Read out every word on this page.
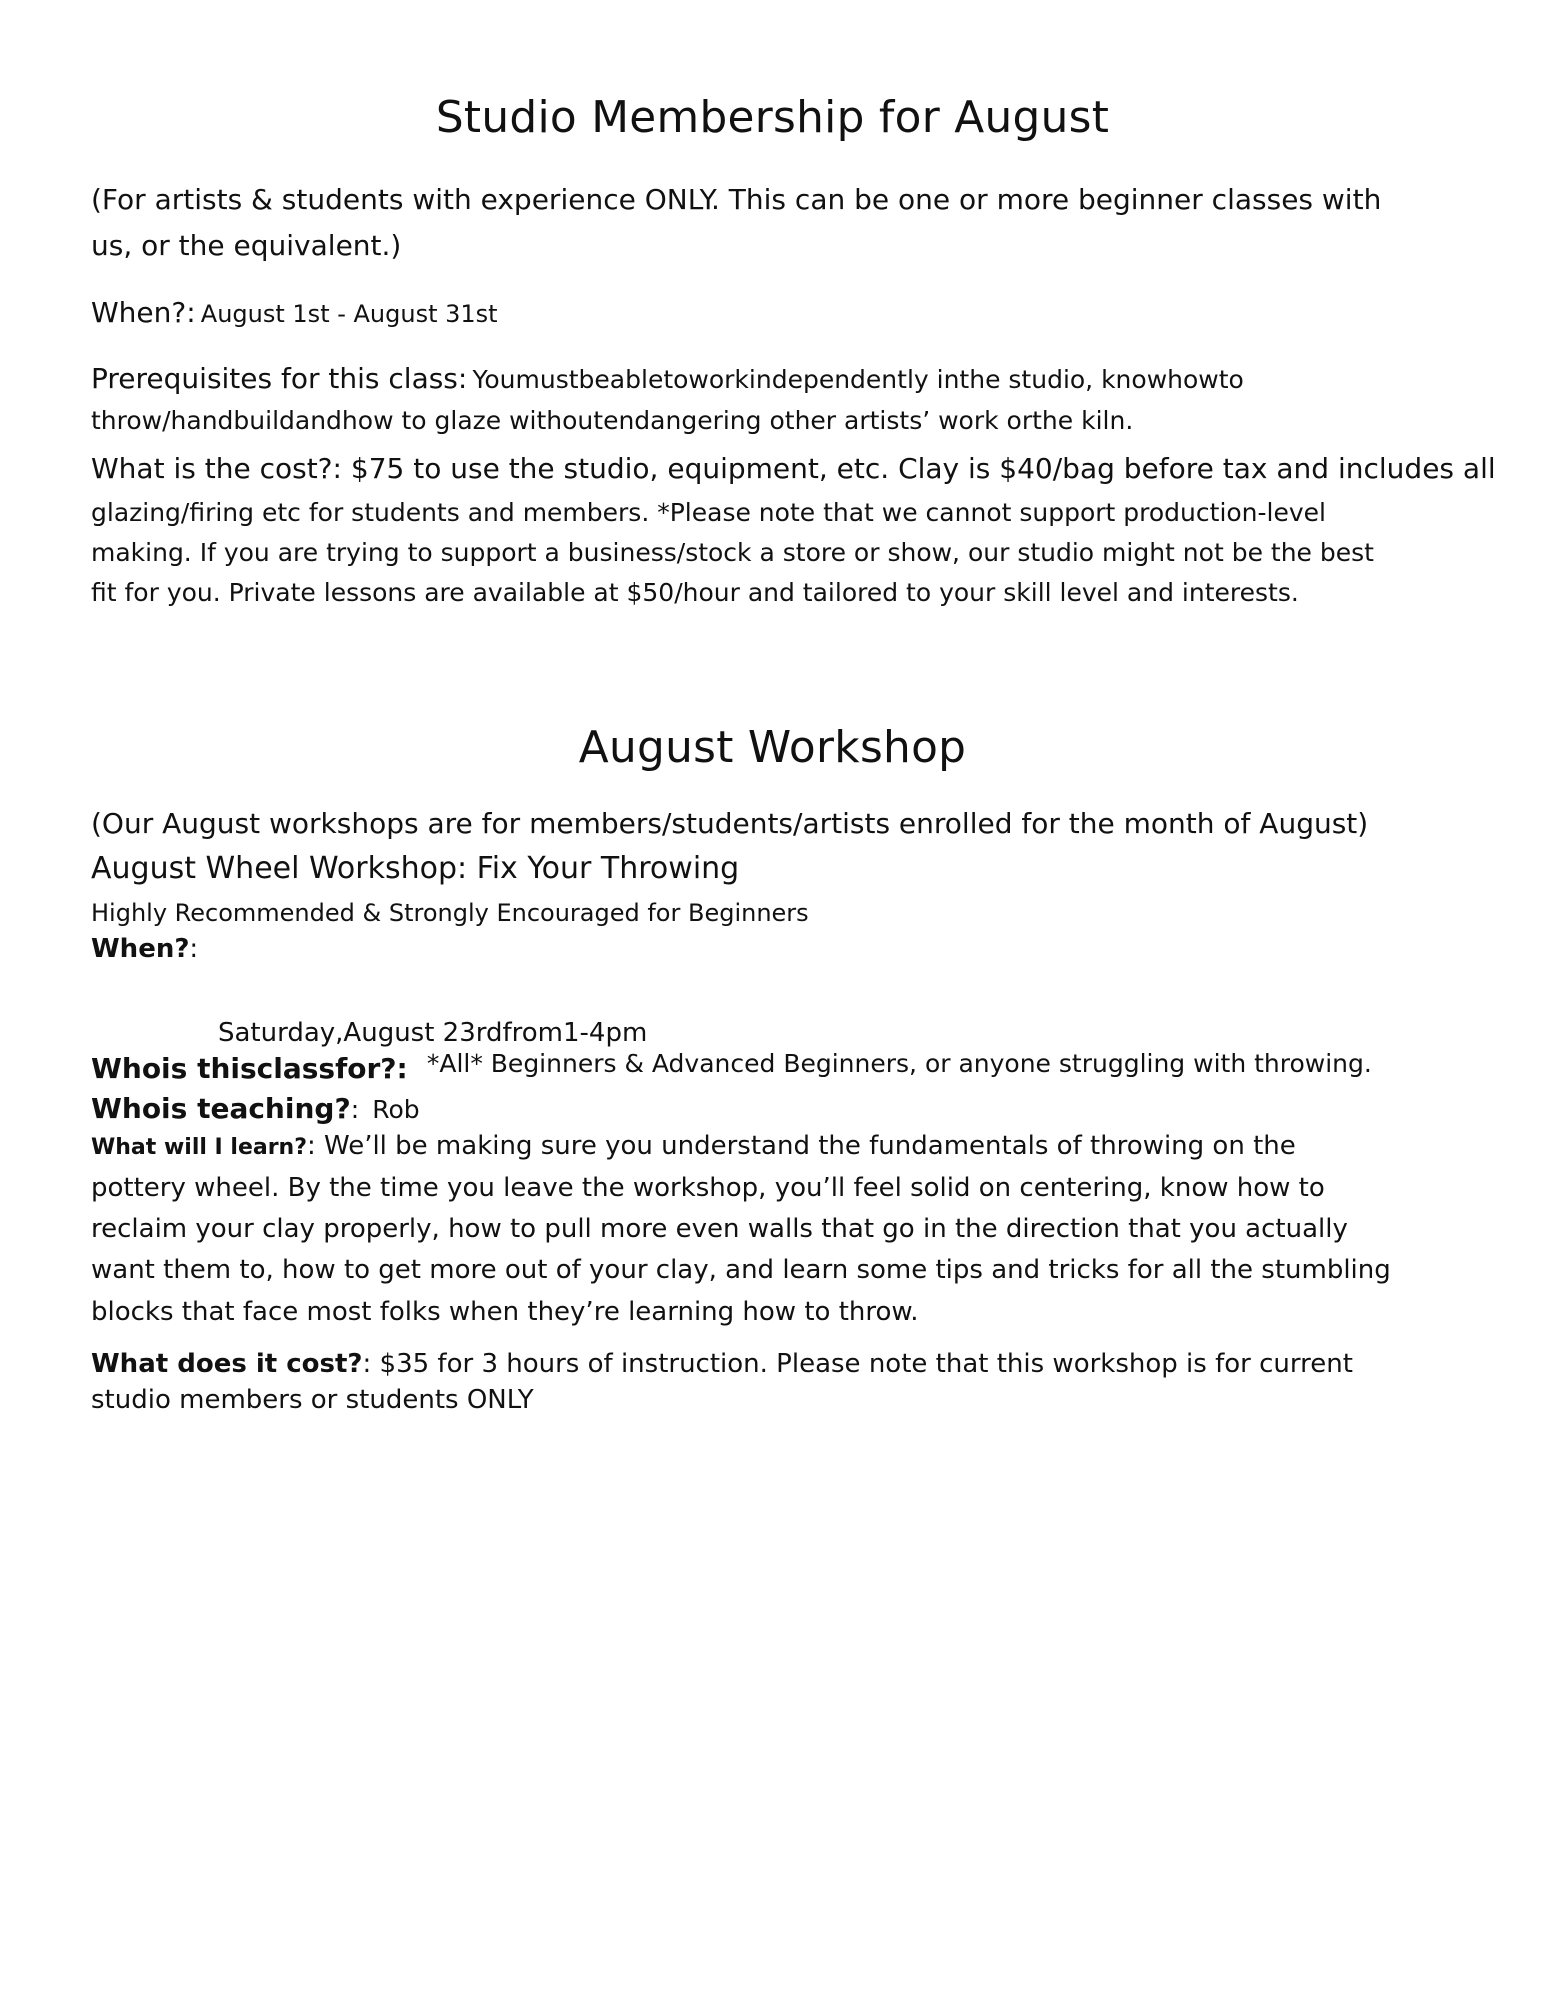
Studio Membership for August

(For artists & students with experience ONLY. This can be one or more beginner classes with

us, or the equivalent.)

When?: August 1st - August 31st

Prerequisites for this class: Youmustbeabletoworkindependently inthe studio, knowhowto

throw/handbuildandhow to glaze withoutendangering other artists’ work orthe kiln.

What is the cost?: $75 to use the studio, equipment, etc. Clay is $40/bag before tax and includes all

glazing/firing etc for students and members. *Please note that we cannot support production-level

making. If you are trying to support a business/stock a store or show, our studio might not be the best

fit for you. Private lessons are available at $50/hour and tailored to your skill level and interests.

August Workshop

(Our August workshops are for members/students/artists enrolled for the month of August)

August Wheel Workshop: Fix Your Throwing

Highly Recommended & Strongly Encouraged for Beginners

When?:

Saturday,August 23rdfrom1-4pm

Whois thisclassfor?: *All* Beginners & Advanced Beginners, or anyone struggling with throwing.

Whois teaching?: Rob

What will I learn?: We’ll be making sure you understand the fundamentals of throwing on the

pottery wheel. By the time you leave the workshop, you’ll feel solid on centering, know how to

reclaim your clay properly, how to pull more even walls that go in the direction that you actually

want them to, how to get more out of your clay, and learn some tips and tricks for all the stumbling

blocks that face most folks when they’re learning how to throw.

What does it cost?: $35 for 3 hours of instruction. Please note that this workshop is for current

studio members or students ONLY
